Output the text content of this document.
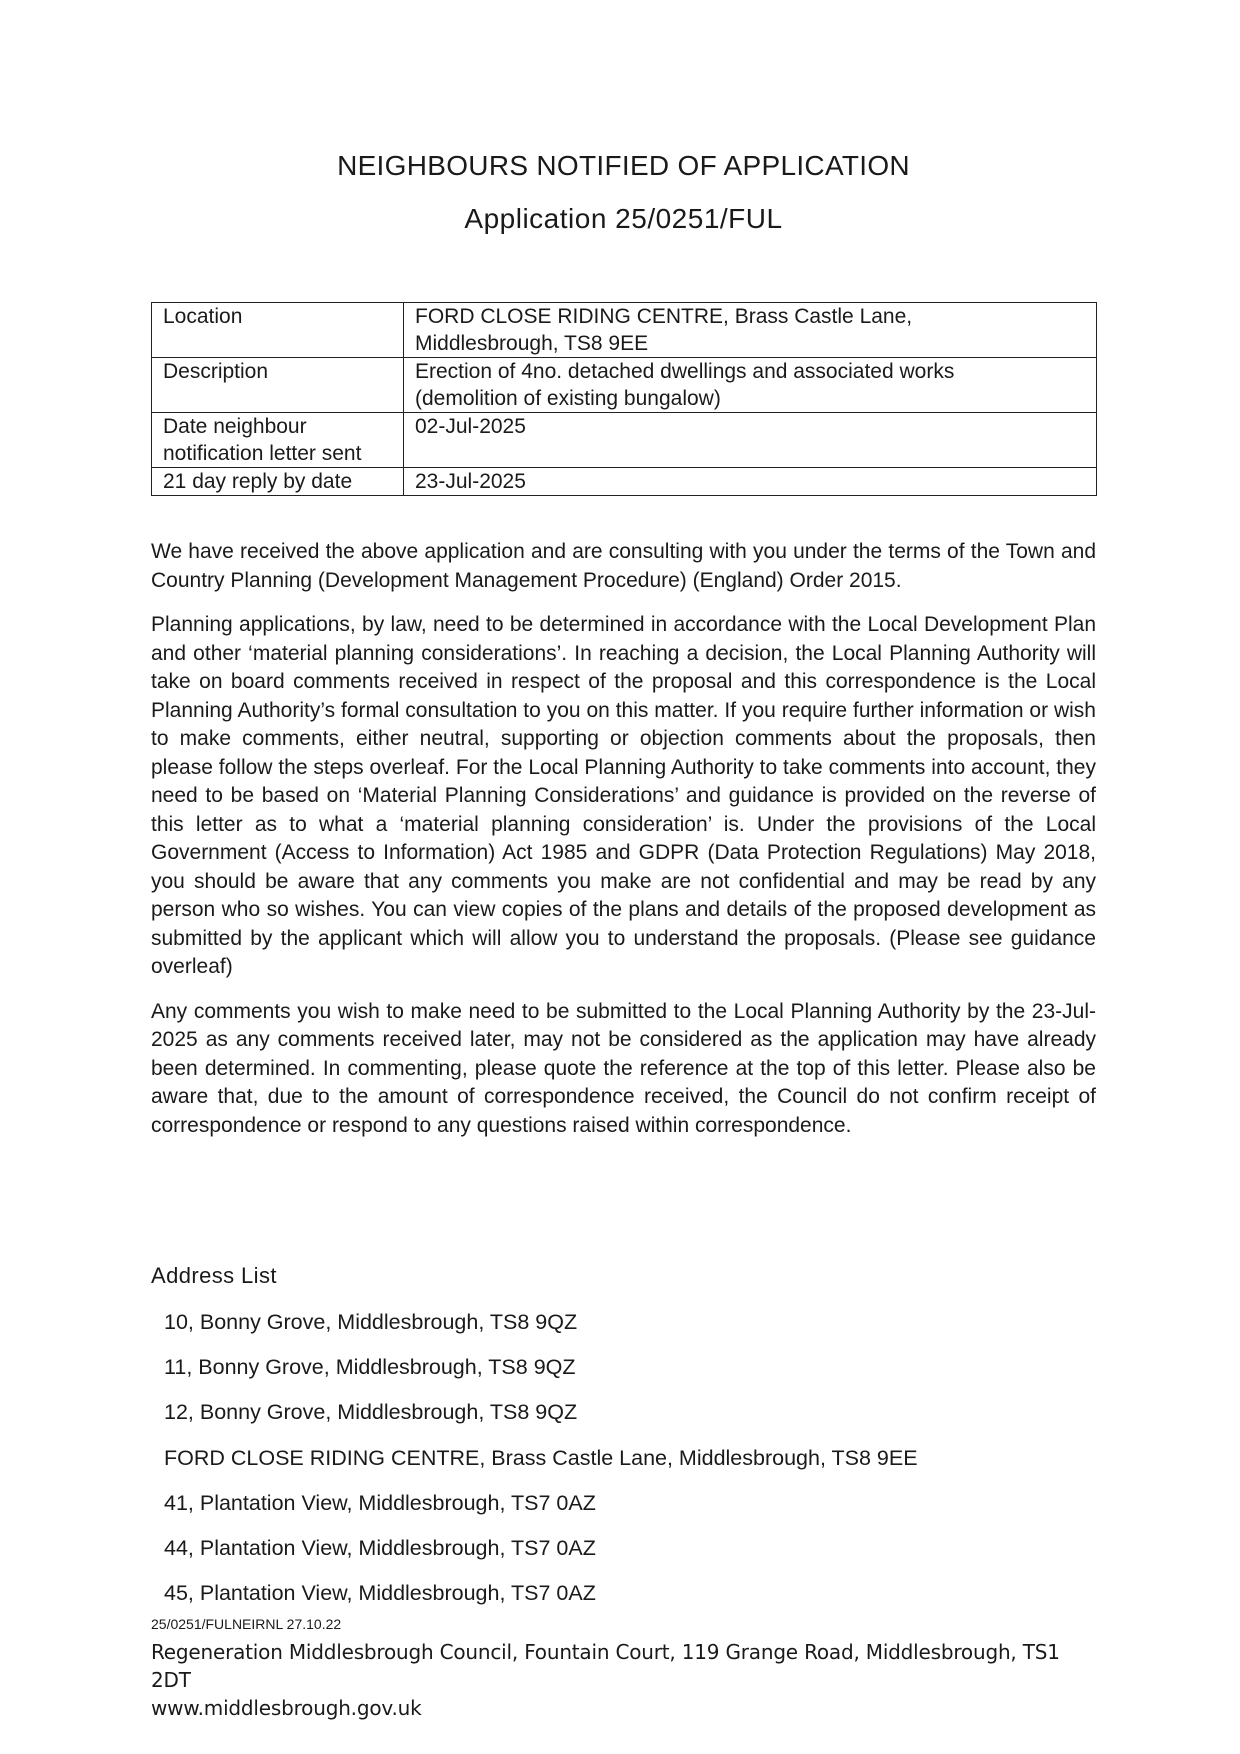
NEIGHBOURS NOTIFIED OF APPLICATION
Application 25/0251/FUL
Location	FORD CLOSE RIDING CENTRE, Brass Castle Lane,
Middlesbrough, TS8 9EE

Description	Erection of 4no. detached dwellings and associated works
(demolition of existing bungalow)

Date neighbour
notification letter sent	02-Jul-2025
21 day reply by date	23-Jul-2025

We have received the above application and are consulting with you under the terms of the Town and Country Planning (Development Management Procedure) (England) Order 2015.

Planning applications, by law, need to be determined in accordance with the Local Development Plan and other ‘material planning considerations’. In reaching a decision, the Local Planning Authority will take on board comments received in respect of the proposal and this correspondence is the Local Planning Authority’s formal consultation to you on this matter. If you require further information or wish to make comments, either neutral, supporting or objection comments about the proposals, then please follow the steps overleaf. For the Local Planning Authority to take comments into account, they need to be based on ‘Material Planning Considerations’ and guidance is provided on the reverse of this letter as to what a ‘material planning consideration’ is. Under the provisions of the Local Government (Access to Information) Act 1985 and GDPR (Data Protection Regulations) May 2018, you should be aware that any comments you make are not confidential and may be read by any person who so wishes. You can view copies of the plans and details of the proposed development as submitted by the applicant which will allow you to understand the proposals. (Please see guidance overleaf)

Any comments you wish to make need to be submitted to the Local Planning Authority by the 23-Jul-2025 as any comments received later, may not be considered as the application may have already been determined. In commenting, please quote the reference at the top of this letter. Please also be aware that, due to the amount of correspondence received, the Council do not confirm receipt of correspondence or respond to any questions raised within correspondence.

Address List
10, Bonny Grove, Middlesbrough, TS8 9QZ
11, Bonny Grove, Middlesbrough, TS8 9QZ
12, Bonny Grove, Middlesbrough, TS8 9QZ
FORD CLOSE RIDING CENTRE, Brass Castle Lane, Middlesbrough, TS8 9EE
41, Plantation View, Middlesbrough, TS7 0AZ
44, Plantation View, Middlesbrough, TS7 0AZ
45, Plantation View, Middlesbrough, TS7 0AZ
25/0251/FULNEIRNL 27.10.22
Regeneration Middlesbrough Council, Fountain Court, 119 Grange Road, Middlesbrough, TS1 2DT
www.middlesbrough.gov.uk
